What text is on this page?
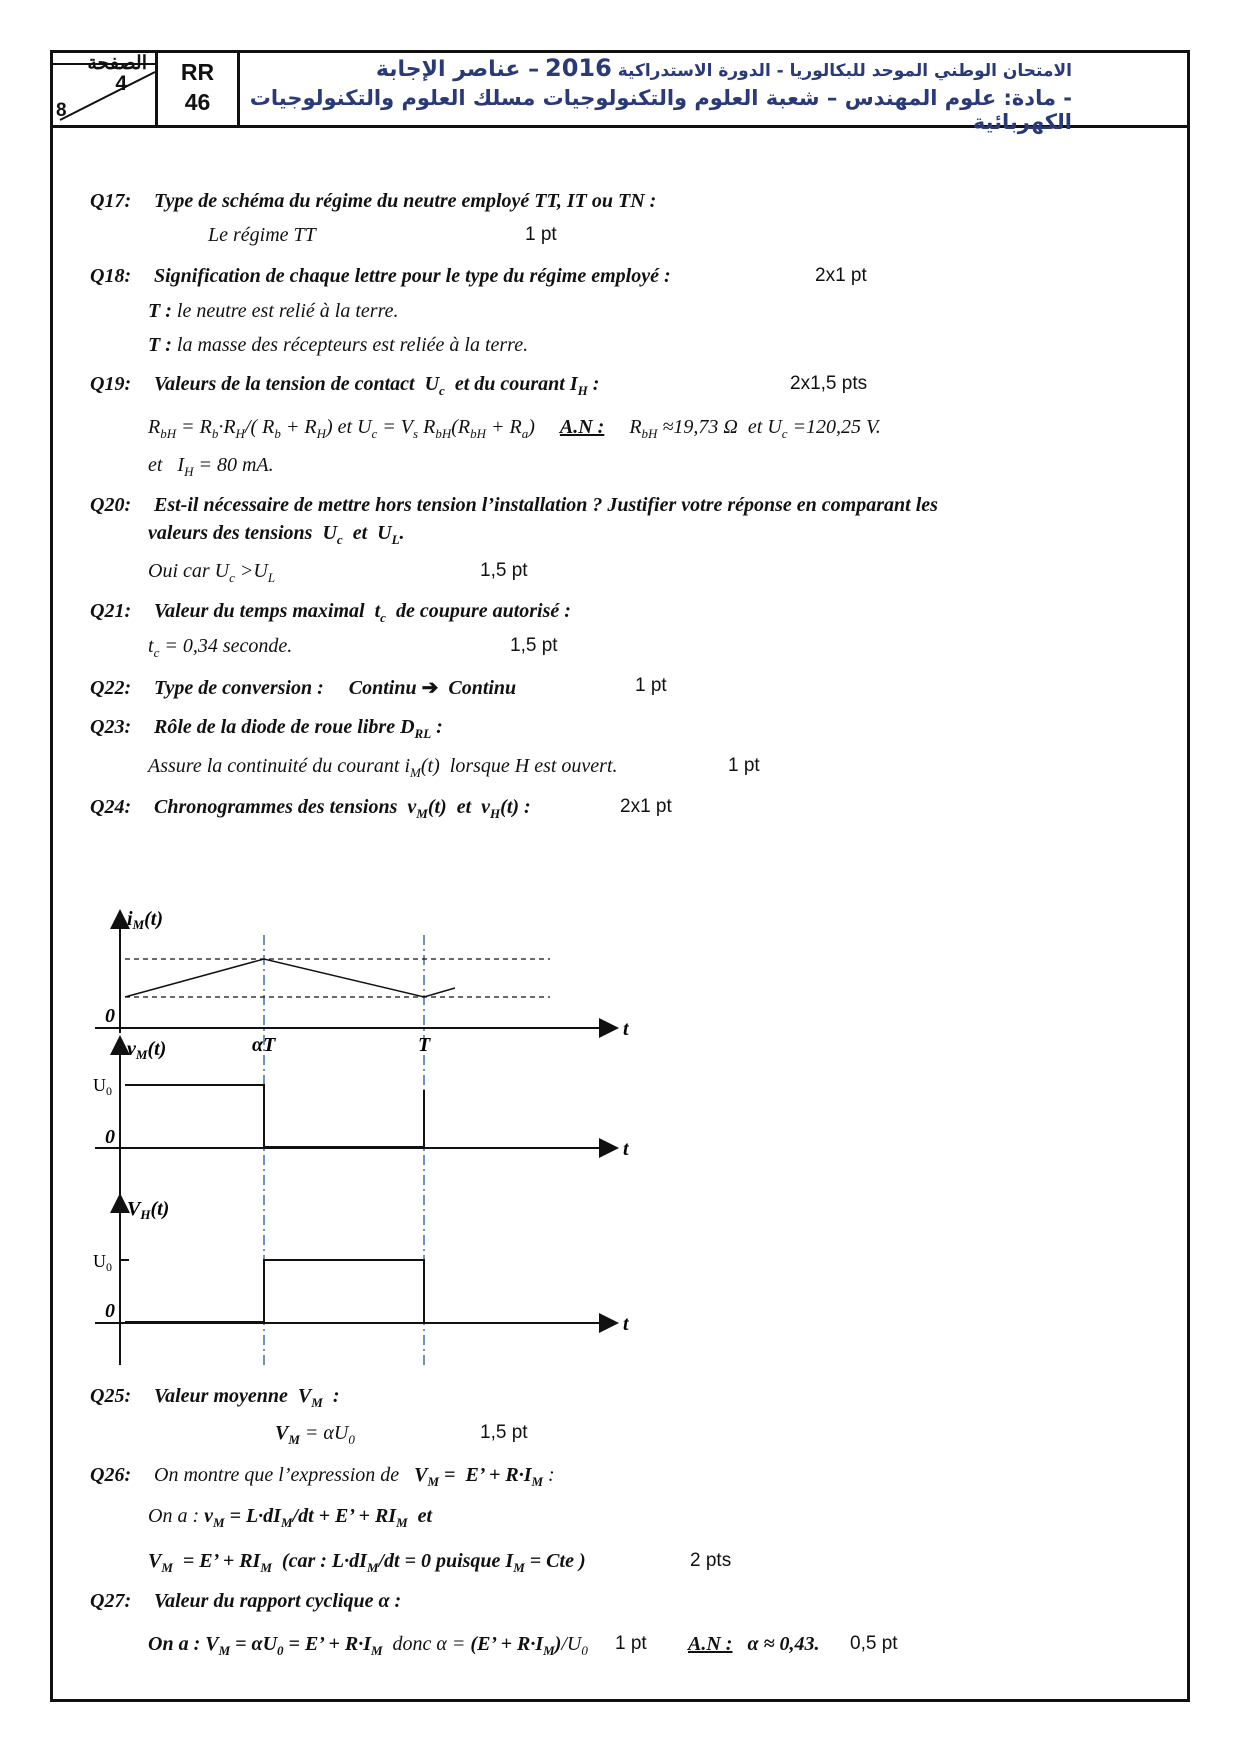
الصفحة
4
8
RR
46
الامتحان الوطني الموحد للبكالوريا - الدورة الاستدراكية 2016 – عناصر الإجابة
- مادة: علوم المهندس – شعبة العلوم والتكنولوجيات مسلك العلوم والتكنولوجيات الكهربائية
Q17: Type de schéma du régime du neutre employé TT, IT ou TN :
Le régime TT	1 pt
Q18: Signification de chaque lettre pour le type du régime employé :	2x1 pt
T : le neutre est relié à la terre.
T : la masse des récepteurs est reliée à la terre.
Q19: Valeurs de la tension de contact  $U_c$  et du courant $I_H$ :	2x1,5 pts
$R_{bH} = R_b\cdot R_H/$( $R_b + R_H$) et $U_c = V_s$ $R_{bH}(R_{bH} + R_a)$     A.N :     $R_{bH} \approx 19,73$ Ω  et $U_c =120,25$ V.
et   $I_H = 80$ mA.
Q20: Est-il nécessaire de mettre hors tension l’installation ? Justifier votre réponse en comparant les
valeurs des tensions  $U_c$  et  $U_L$.
Oui car $U_c >U_L$	1,5 pt
Q21: Valeur du temps maximal  $t_c$ de coupure autorisé :
$t_c = 0,34$ seconde.	1,5 pt
Q22: Type de conversion : Continu ➔ Continu	1 pt
Q23: Rôle de la diode de roue libre $D_{RL}$ :
Assure la continuité du courant $i_M(t)$  lorsque H est ouvert.	1 pt
Q24: Chronogrammes des tensions  $v_M(t)$  et  $v_H(t)$ :	2x1 pt
Q25: Valeur moyenne  $V_M$  :
$V_M = \alpha U_0$	1,5 pt
Q26: On montre que l’expression de $V_M = E$’ + $R\cdot I_M$ :
On a : $v_M = L\cdot dI_M/dt + E$’ + $RI_M$  et
$V_M = E$’ + $RI_M$ (car : $L\cdot dI_M/dt = 0$ puisque $I_M$ = Cte )	2 pts
Q27: Valeur du rapport cyclique α :
On a : $V_M = \alpha U_0 = E$’ + $R\cdot I_M$ donc α = (E’ + $R\cdot I_M)/U_0$ 1 pt A.N : α ≈ 0,43. 0,5 pt
$i_M(t)$
0
t
αT	T
$v_M(t)$
$U_0$
0
t
$V_H(t)$
$U_0$
0
t
